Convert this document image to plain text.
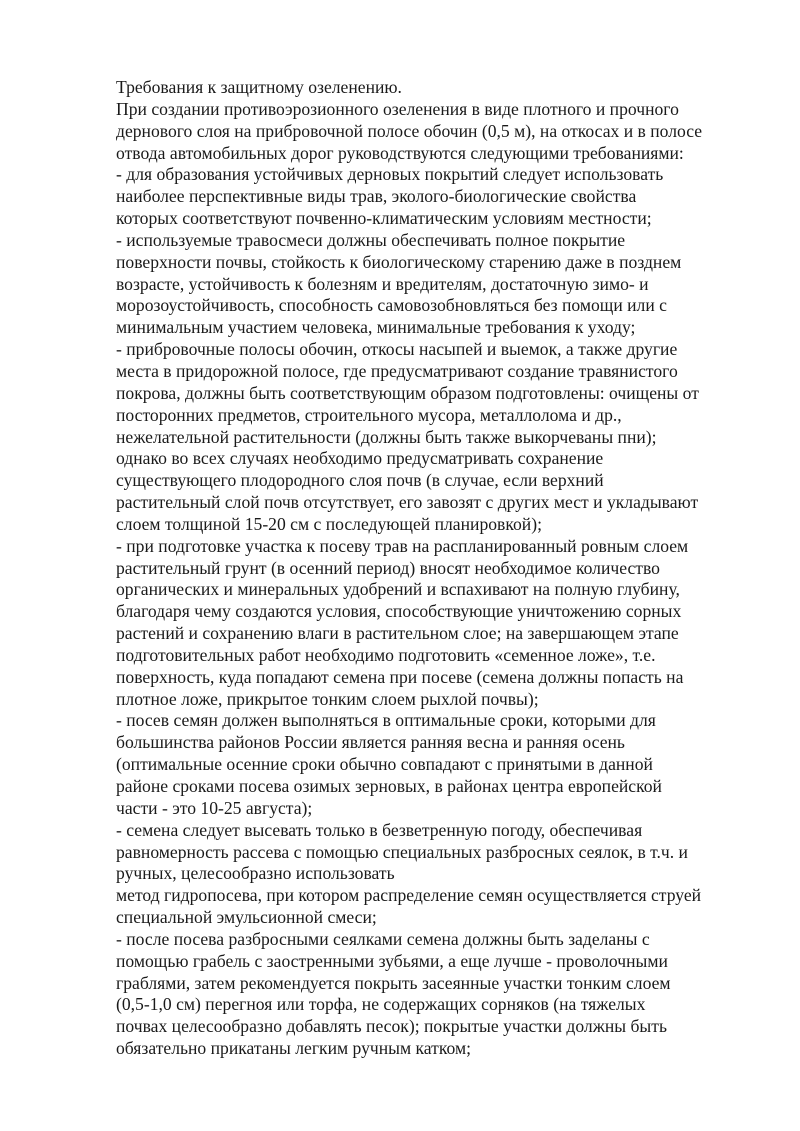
Требования к защитному озеленению.
При создании противоэрозионного озеленения в виде плотного и прочного
дернового слоя на прибровочной полосе обочин (0,5 м), на откосах и в полосе
отвода автомобильных дорог руководствуются следующими требованиями:
- для образования устойчивых дерновых покрытий следует использовать
наиболее перспективные виды трав, эколого-биологические свойства
которых соответствуют почвенно-климатическим условиям местности;
- используемые травосмеси должны обеспечивать полное покрытие
поверхности почвы, стойкость к биологическому старению даже в позднем
возрасте, устойчивость к болезням и вредителям, достаточную зимо- и
морозоустойчивость, способность самовозобновляться без помощи или с
минимальным участием человека, минимальные требования к уходу;
- прибровочные полосы обочин, откосы насыпей и выемок, а также другие
места в придорожной полосе, где предусматривают создание травянистого
покрова, должны быть соответствующим образом подготовлены: очищены от
посторонних предметов, строительного мусора, металлолома и др.,
нежелательной растительности (должны быть также выкорчеваны пни);
однако во всех случаях необходимо предусматривать сохранение
существующего плодородного слоя почв (в случае, если верхний
растительный слой почв отсутствует, его завозят с других мест и укладывают
слоем толщиной 15-20 см с последующей планировкой);
- при подготовке участка к посеву трав на распланированный ровным слоем
растительный грунт (в осенний период) вносят необходимое количество
органических и минеральных удобрений и вспахивают на полную глубину,
благодаря чему создаются условия, способствующие уничтожению сорных
растений и сохранению влаги в растительном слое; на завершающем этапе
подготовительных работ необходимо подготовить «семенное ложе», т.е.
поверхность, куда попадают семена при посеве (семена должны попасть на
плотное ложе, прикрытое тонким слоем рыхлой почвы);
- посев семян должен выполняться в оптимальные сроки, которыми для
большинства районов России является ранняя весна и ранняя осень
(оптимальные осенние сроки обычно совпадают с принятыми в данной
районе сроками посева озимых зерновых, в районах центра европейской
части - это 10-25 августа);
- семена следует высевать только в безветренную погоду, обеспечивая
равномерность рассева с помощью специальных разбросных сеялок, в т.ч. и
ручных, целесообразно использовать
метод гидропосева, при котором распределение семян осуществляется струей
специальной эмульсионной смеси;
- после посева разбросными сеялками семена должны быть заделаны с
помощью грабель с заостренными зубьями, а еще лучше - проволочными
граблями, затем рекомендуется покрыть засеянные участки тонким слоем
(0,5-1,0 см) перегноя или торфа, не содержащих сорняков (на тяжелых
почвах целесообразно добавлять песок); покрытые участки должны быть
обязательно прикатаны легким ручным катком;
